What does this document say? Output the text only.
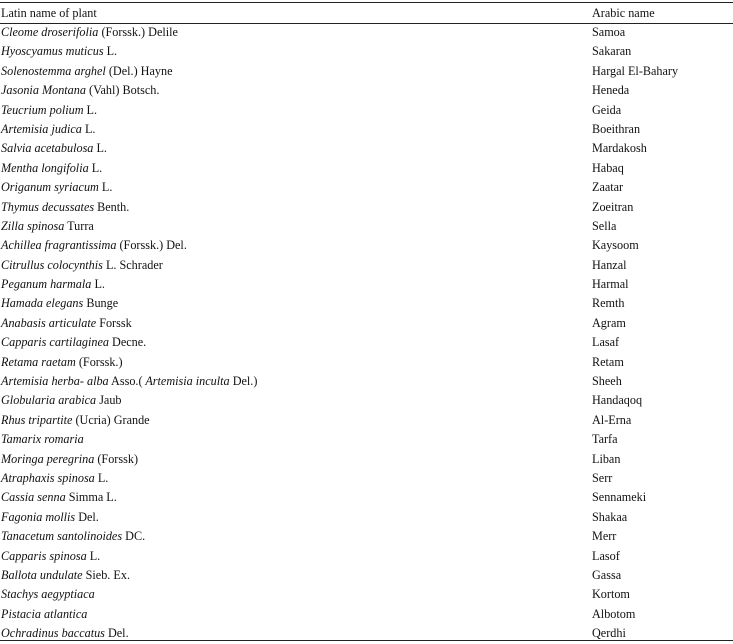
Latin name of plant	Arabic name
Cleome droserifolia (Forssk.) Delile	Samoa
Hyoscyamus muticus L.	Sakaran
Solenostemma arghel (Del.) Hayne	Hargal El-Bahary
Jasonia Montana (Vahl) Botsch.	Heneda
Teucrium polium L.	Geida
Artemisia judica L.	Boeithran
Salvia acetabulosa L.	Mardakosh
Mentha longifolia L.	Habaq
Origanum syriacum L.	Zaatar
Thymus decussates Benth.	Zoeitran
Zilla spinosa Turra	Sella
Achillea fragrantissima (Forssk.) Del.	Kaysoom
Citrullus colocynthis L. Schrader	Hanzal
Peganum harmala L.	Harmal
Hamada elegans Bunge	Remth
Anabasis articulate Forssk	Agram
Capparis cartilaginea Decne.	Lasaf
Retama raetam (Forssk.)	Retam
Artemisia herba- alba Asso.( Artemisia inculta Del.)	Sheeh
Globularia arabica Jaub	Handaqoq
Rhus tripartite (Ucria) Grande	Al-Erna
Tamarix romaria	Tarfa
Moringa peregrina (Forssk)	Liban
Atraphaxis spinosa L.	Serr
Cassia senna Simma L.	Sennameki
Fagonia mollis Del.	Shakaa
Tanacetum santolinoides DC.	Merr
Capparis spinosa L.	Lasof
Ballota undulate Sieb. Ex.	Gassa
Stachys aegyptiaca	Kortom
Pistacia atlantica	Albotom
Ochradinus baccatus Del.	Qerdhi
